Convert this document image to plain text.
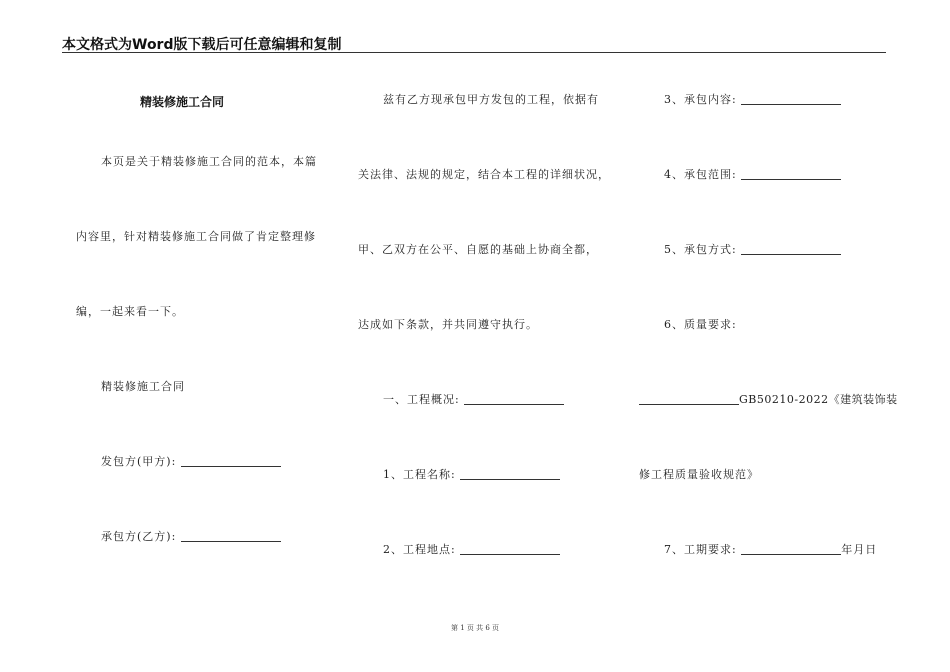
本文格式为Word版下载后可任意编辑和复制
精装修施工合同
本页是关于精装修施工合同的范本，本篇
内容里，针对精装修施工合同做了肯定整理修
编，一起来看一下。
精装修施工合同
发包方(甲方):
承包方(乙方):
兹有乙方现承包甲方发包的工程，依据有
关法律、法规的规定，结合本工程的详细状况，
甲、乙双方在公平、自愿的基础上协商全都，
达成如下条款，并共同遵守执行。
一、工程概况:
1、工程名称:
2、工程地点:
3、承包内容:
4、承包范围:
5、承包方式:
6、质量要求:
GB50210-2022《建筑装饰装
修工程质量验收规范》
7、工期要求:	年月日
第 1 页 共 6 页
